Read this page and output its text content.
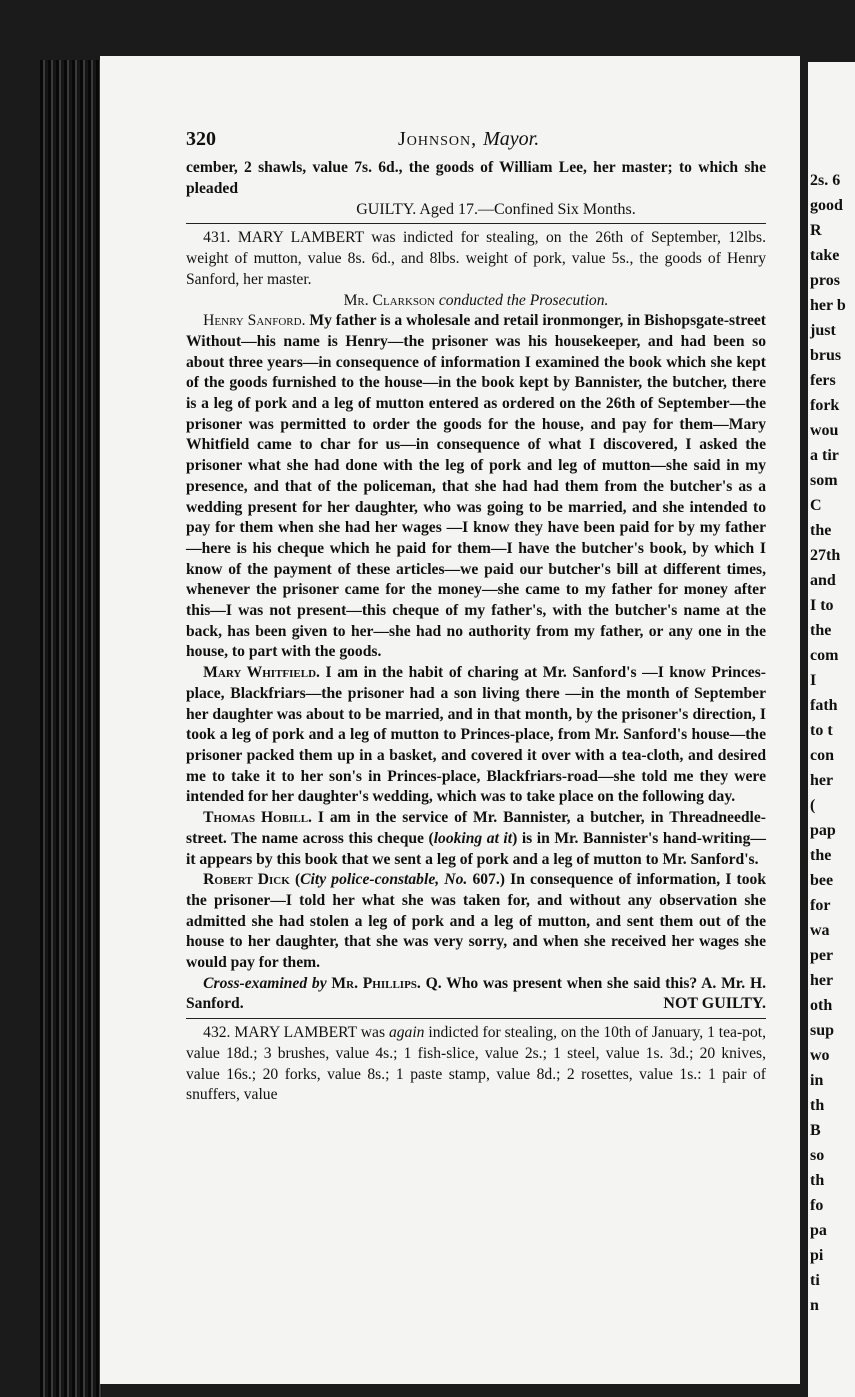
320	Johnson, Mayor.

cember, 2 shawls, value 7s. 6d., the goods of William Lee, her master; to which she pleaded

GUILTY. Aged 17.—Confined Six Months.

431. MARY LAMBERT was indicted for stealing, on the 26th of September, 12lbs. weight of mutton, value 8s. 6d., and 8lbs. weight of pork, value 5s., the goods of Henry Sanford, her master.

Mr. Clarkson conducted the Prosecution.

Henry Sanford. My father is a wholesale and retail ironmonger, in Bishopsgate-street Without—his name is Henry—the prisoner was his housekeeper, and had been so about three years—in consequence of information I examined the book which she kept of the goods furnished to the house—in the book kept by Bannister, the butcher, there is a leg of pork and a leg of mutton entered as ordered on the 26th of September—the prisoner was permitted to order the goods for the house, and pay for them—Mary Whitfield came to char for us—in consequence of what I discovered, I asked the prisoner what she had done with the leg of pork and leg of mutton—she said in my presence, and that of the policeman, that she had had them from the butcher's as a wedding present for her daughter, who was going to be married, and she intended to pay for them when she had her wages —I know they have been paid for by my father—here is his cheque which he paid for them—I have the butcher's book, by which I know of the payment of these articles—we paid our butcher's bill at different times, whenever the prisoner came for the money—she came to my father for money after this—I was not present—this cheque of my father's, with the butcher's name at the back, has been given to her—she had no authority from my father, or any one in the house, to part with the goods.

Mary Whitfield. I am in the habit of charing at Mr. Sanford's —I know Princes-place, Blackfriars—the prisoner had a son living there —in the month of September her daughter was about to be married, and in that month, by the prisoner's direction, I took a leg of pork and a leg of mutton to Princes-place, from Mr. Sanford's house—the prisoner packed them up in a basket, and covered it over with a tea-cloth, and desired me to take it to her son's in Princes-place, Blackfriars-road—she told me they were intended for her daughter's wedding, which was to take place on the following day.

Thomas Hobill. I am in the service of Mr. Bannister, a butcher, in Threadneedle-street. The name across this cheque (looking at it) is in Mr. Bannister's hand-writing—it appears by this book that we sent a leg of pork and a leg of mutton to Mr. Sanford's.

Robert Dick (City police-constable, No. 607.) In consequence of information, I took the prisoner—I told her what she was taken for, and without any observation she admitted she had stolen a leg of pork and a leg of mutton, and sent them out of the house to her daughter, that she was very sorry, and when she received her wages she would pay for them.

Cross-examined by Mr. Phillips. Q. Who was present when she said this? A. Mr. H. Sanford.	NOT GUILTY.

432. MARY LAMBERT was again indicted for stealing, on the 10th of January, 1 tea-pot, value 18d.; 3 brushes, value 4s.; 1 fish-slice, value 2s.; 1 steel, value 1s. 3d.; 20 knives, value 16s.; 20 forks, value 8s.; 1 paste stamp, value 8d.; 2 rosettes, value 1s.: 1 pair of snuffers, value

2s. 6
good
R
take
pros
her b
just
brus
fers
fork
wou
a tir
som
C
the
27th
and
I to
the
com
I
fath
to t
con
her
(
pap
the
bee
for
wa
per
her
oth
sup
wo
in
th
B
so
th
fo
pa
pi
ti
n
